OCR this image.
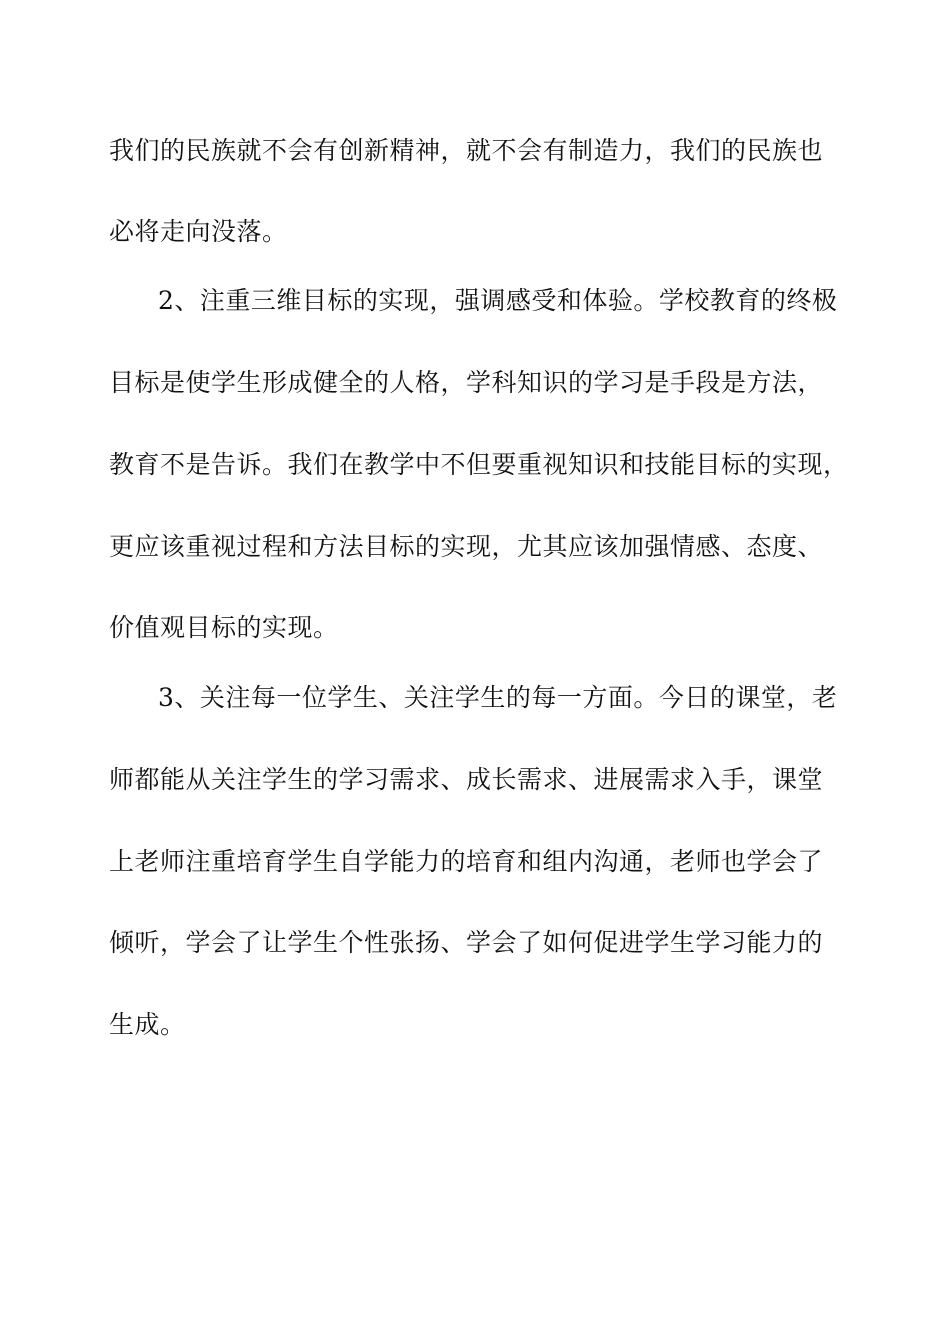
我们的民族就不会有创新精神，就不会有制造力，我们的民族也
必将走向没落。
2、注重三维目标的实现，强调感受和体验。学校教育的终极
目标是使学生形成健全的人格，学科知识的学习是手段是方法，
教育不是告诉。我们在教学中不但要重视知识和技能目标的实现，
更应该重视过程和方法目标的实现，尤其应该加强情感、态度、
价值观目标的实现。
3、关注每一位学生、关注学生的每一方面。今日的课堂，老
师都能从关注学生的学习需求、成长需求、进展需求入手，课堂
上老师注重培育学生自学能力的培育和组内沟通，老师也学会了
倾听，学会了让学生个性张扬、学会了如何促进学生学习能力的
生成。
